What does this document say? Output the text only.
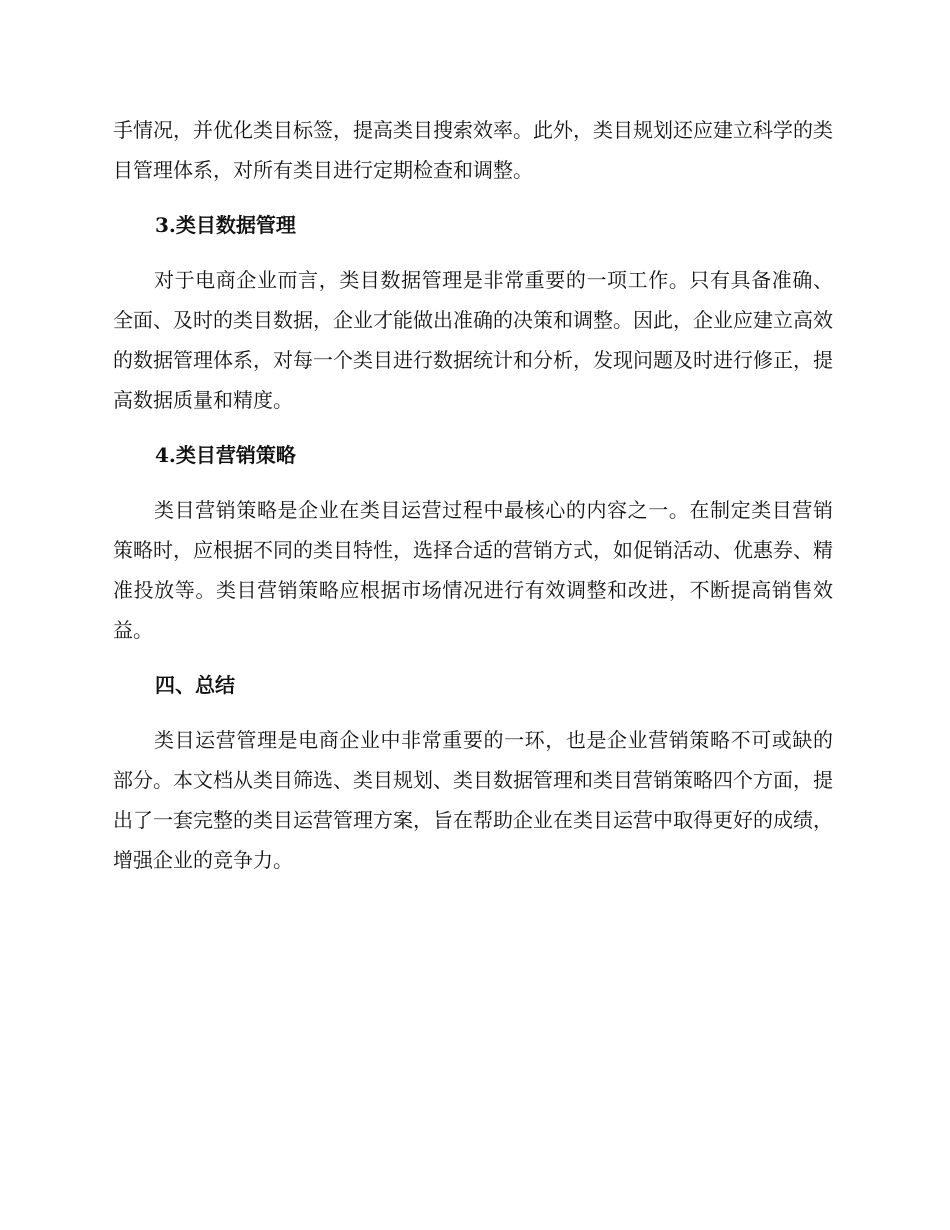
手情况，并优化类目标签，提高类目搜索效率。此外，类目规划还应建立科学的类目管理体系，对所有类目进行定期检查和调整。

3.类目数据管理

对于电商企业而言，类目数据管理是非常重要的一项工作。只有具备准确、全面、及时的类目数据，企业才能做出准确的决策和调整。因此，企业应建立高效的数据管理体系，对每一个类目进行数据统计和分析，发现问题及时进行修正，提高数据质量和精度。

4.类目营销策略

类目营销策略是企业在类目运营过程中最核心的内容之一。在制定类目营销策略时，应根据不同的类目特性，选择合适的营销方式，如促销活动、优惠券、精准投放等。类目营销策略应根据市场情况进行有效调整和改进，不断提高销售效益。

四、总结

类目运营管理是电商企业中非常重要的一环，也是企业营销策略不可或缺的部分。本文档从类目筛选、类目规划、类目数据管理和类目营销策略四个方面，提出了一套完整的类目运营管理方案，旨在帮助企业在类目运营中取得更好的成绩，增强企业的竞争力。
